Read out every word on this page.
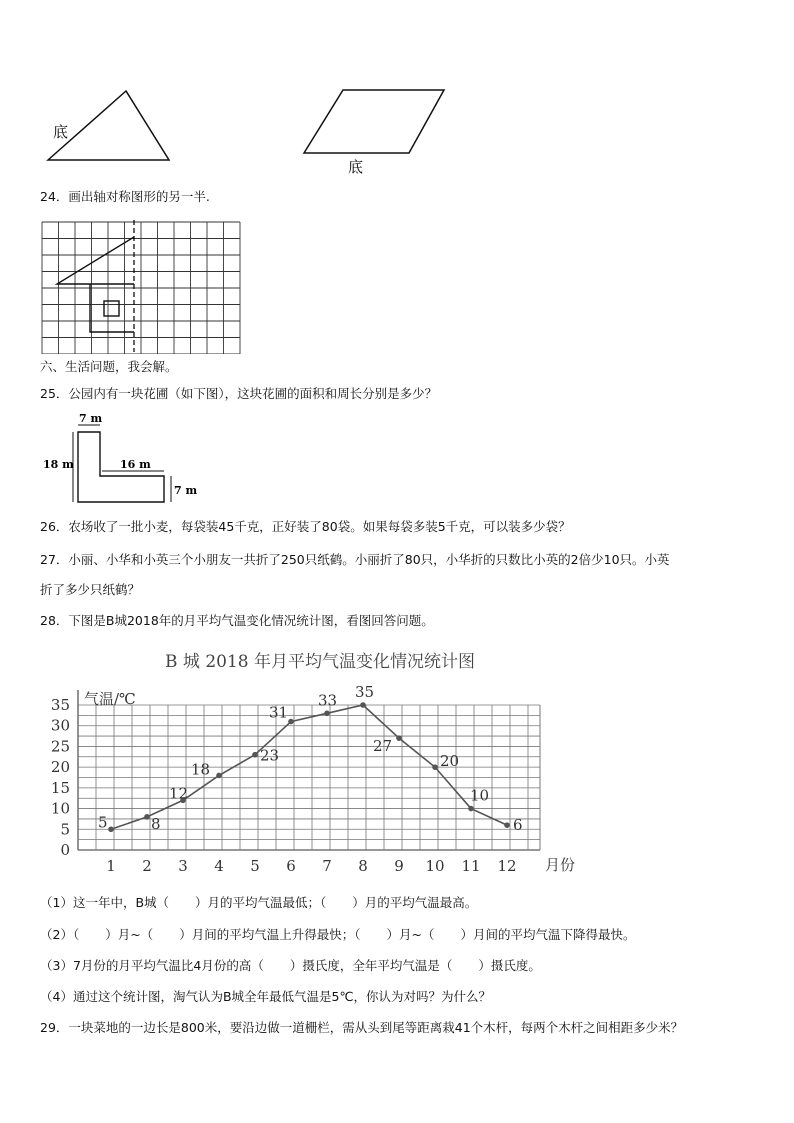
底
底
24．画出轴对称图形的另一半.
六、生活问题，我会解。
25．公园内有一块花圃（如下图），这块花圃的面积和周长分别是多少？
7 m
18 m	16 m
7 m
26．农场收了一批小麦，每袋装45千克，正好装了80袋。如果每袋多装5千克，可以装多少袋？
27．小丽、小华和小英三个小朋友一共折了250只纸鹤。小丽折了80只，小华折的只数比小英的2倍少10只。小英
折了多少只纸鹤？
28．下图是B城2018年的月平均气温变化情况统计图，看图回答问题。
B 城 2018 年月平均气温变化情况统计图
0
5
10
15
20
25
30
35
1 2 3 4 5 6 7 8 9 10 11 12
5	8
12
18
23
31
33 35
27
20
10
6
气温/℃
月份
（1）这一年中，B城（ ）月的平均气温最低；（ ）月的平均气温最高。
（2）（ ）月~（ ）月间的平均气温上升得最快；（ ）月~（ ）月间的平均气温下降得最快。
（3）7月份的月平均气温比4月份的高（ ）摄氏度，全年平均气温是（ ）摄氏度。
（4）通过这个统计图，淘气认为B城全年最低气温是5℃，你认为对吗？为什么？
29．一块菜地的一边长是800米，要沿边做一道栅栏，需从头到尾等距离栽41个木杆，每两个木杆之间相距多少米？
